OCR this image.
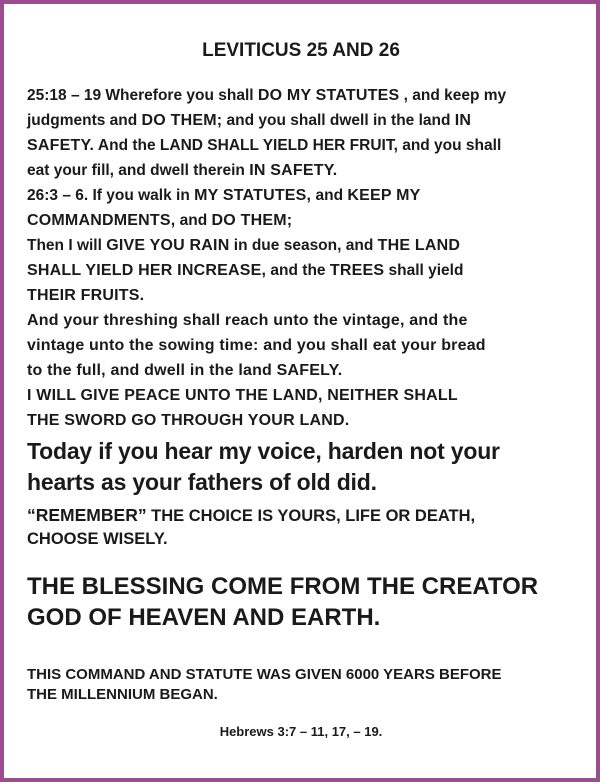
LEVITICUS 25 AND 26
25:18 – 19 Wherefore you shall DO MY STATUTES , and keep my
judgments and DO THEM; and you shall dwell in the land IN
SAFETY. And the LAND SHALL YIELD HER FRUIT, and you shall
eat your fill, and dwell therein IN SAFETY.
26:3 – 6. If you walk in MY STATUTES, and KEEP MY
COMMANDMENTS, and DO THEM;
Then I will GIVE YOU RAIN in due season, and THE LAND
SHALL YIELD HER INCREASE, and the TREES shall yield
THEIR FRUITS.
And your threshing shall reach unto the vintage, and the
vintage unto the sowing time: and you shall eat your bread
to the full, and dwell in the land SAFELY.
I WILL GIVE PEACE UNTO THE LAND, NEITHER SHALL
THE SWORD GO THROUGH YOUR LAND.
Today if you hear my voice, harden not your
hearts as your fathers of old did.
“REMEMBER” THE CHOICE IS YOURS, LIFE OR DEATH,
CHOOSE WISELY.
THE BLESSING COME FROM THE CREATOR
GOD OF HEAVEN AND EARTH.
THIS COMMAND AND STATUTE WAS GIVEN 6000 YEARS BEFORE
THE MILLENNIUM BEGAN.
Hebrews 3:7 – 11, 17, – 19.
